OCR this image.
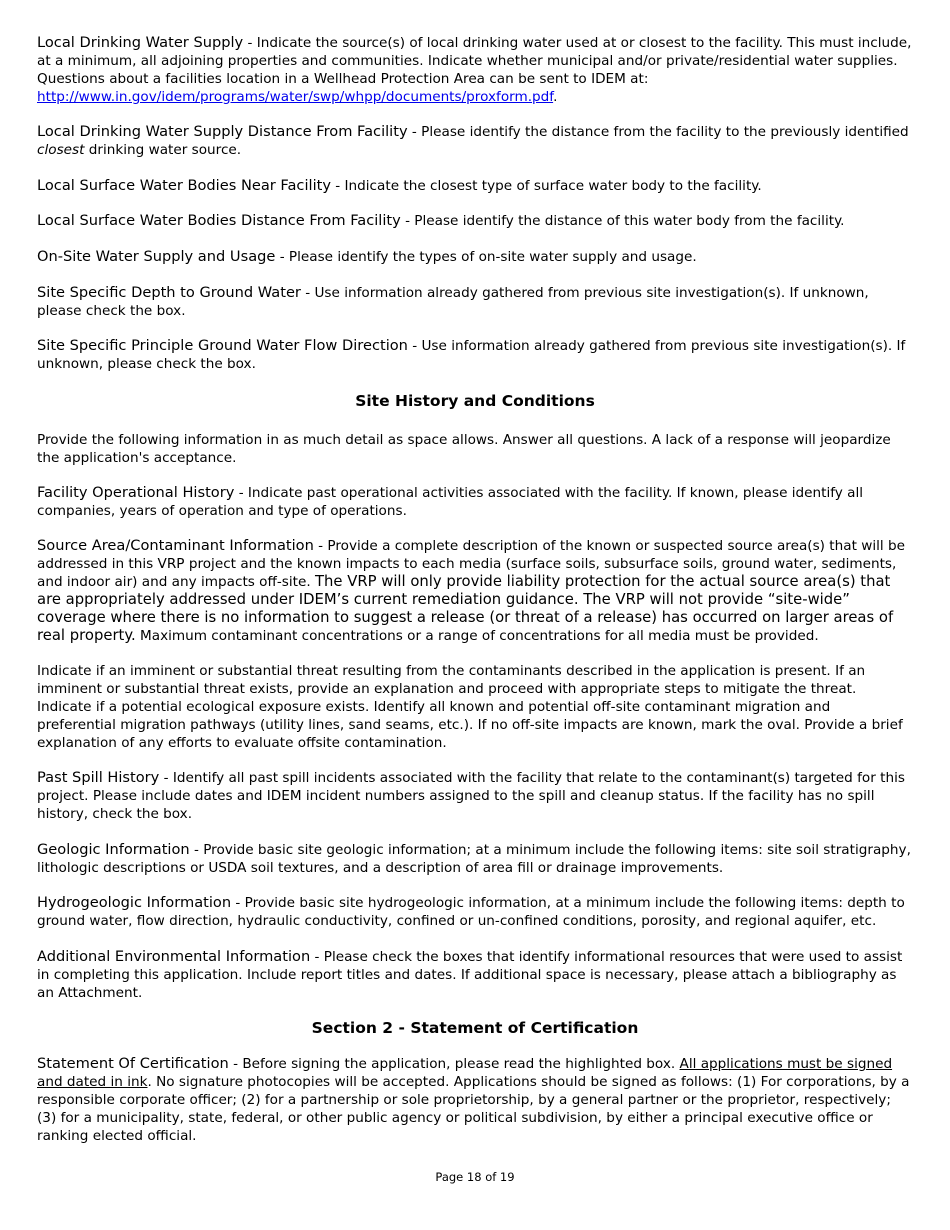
Local Drinking Water Supply - Indicate the source(s) of local drinking water used at or closest to the facility. This must include, at a minimum, all adjoining properties and communities. Indicate whether municipal and/or private/residential water supplies. Questions about a facilities location in a Wellhead Protection Area can be sent to IDEM at: http://www.in.gov/idem/programs/water/swp/whpp/documents/proxform.pdf.

Local Drinking Water Supply Distance From Facility - Please identify the distance from the facility to the previously identified closest drinking water source.

Local Surface Water Bodies Near Facility - Indicate the closest type of surface water body to the facility.

Local Surface Water Bodies Distance From Facility - Please identify the distance of this water body from the facility.

On-Site Water Supply and Usage - Please identify the types of on-site water supply and usage.

Site Specific Depth to Ground Water - Use information already gathered from previous site investigation(s). If unknown, please check the box.

Site Specific Principle Ground Water Flow Direction - Use information already gathered from previous site investigation(s). If unknown, please check the box.

Site History and Conditions

Provide the following information in as much detail as space allows. Answer all questions. A lack of a response will jeopardize the application's acceptance.

Facility Operational History - Indicate past operational activities associated with the facility. If known, please identify all companies, years of operation and type of operations.

Source Area/Contaminant Information - Provide a complete description of the known or suspected source area(s) that will be addressed in this VRP project and the known impacts to each media (surface soils, subsurface soils, ground water, sediments, and indoor air) and any impacts off-site. The VRP will only provide liability protection for the actual source area(s) that are appropriately addressed under IDEM’s current remediation guidance. The VRP will not provide “site-wide” coverage where there is no information to suggest a release (or threat of a release) has occurred on larger areas of real property. Maximum contaminant concentrations or a range of concentrations for all media must be provided.

Indicate if an imminent or substantial threat resulting from the contaminants described in the application is present. If an imminent or substantial threat exists, provide an explanation and proceed with appropriate steps to mitigate the threat. Indicate if a potential ecological exposure exists. Identify all known and potential off-site contaminant migration and preferential migration pathways (utility lines, sand seams, etc.). If no off-site impacts are known, mark the oval. Provide a brief explanation of any efforts to evaluate offsite contamination.

Past Spill History - Identify all past spill incidents associated with the facility that relate to the contaminant(s) targeted for this project. Please include dates and IDEM incident numbers assigned to the spill and cleanup status. If the facility has no spill history, check the box.

Geologic Information - Provide basic site geologic information; at a minimum include the following items: site soil stratigraphy, lithologic descriptions or USDA soil textures, and a description of area fill or drainage improvements.

Hydrogeologic Information - Provide basic site hydrogeologic information, at a minimum include the following items: depth to ground water, flow direction, hydraulic conductivity, confined or un-confined conditions, porosity, and regional aquifer, etc.

Additional Environmental Information - Please check the boxes that identify informational resources that were used to assist in completing this application. Include report titles and dates. If additional space is necessary, please attach a bibliography as an Attachment.

Section 2 - Statement of Certification

Statement Of Certification - Before signing the application, please read the highlighted box. All applications must be signed and dated in ink. No signature photocopies will be accepted. Applications should be signed as follows: (1) For corporations, by a responsible corporate officer; (2) for a partnership or sole proprietorship, by a general partner or the proprietor, respectively; (3) for a municipality, state, federal, or other public agency or political subdivision, by either a principal executive office or ranking elected official.

Page 18 of 19
